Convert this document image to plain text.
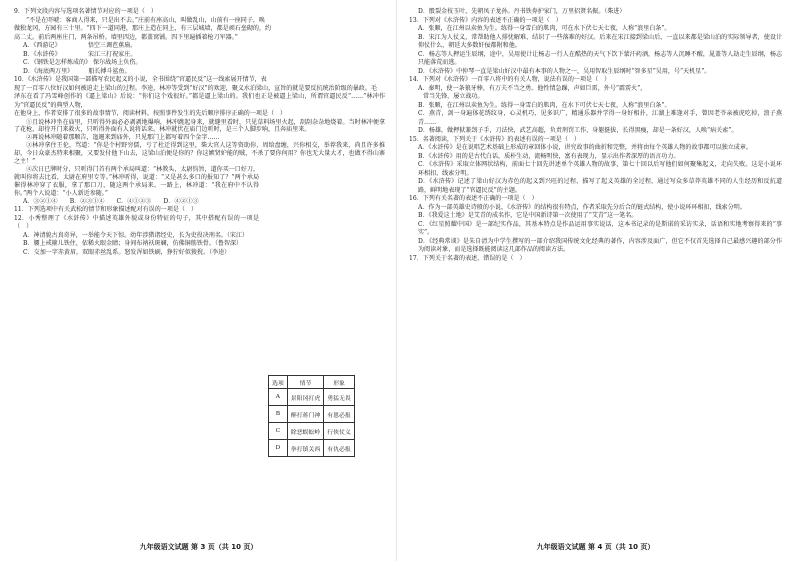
9．下列文段内容与选项名著情节对应的一项是（　）

“不是在吓唬：客商人得来，只是出不去。”庄前有座高山，叫做乱山，山前有一座同子，唤

做独龙冈，方园有三十里。“四下一道同港，那庄上造在同上，有三层城墙，都是顽石垒砌的，约

高二丈。前后两座庄门，两条吊桥。墙里四边，都盖窝铺。四下里遍插着枪刀军器。”

A．《西游记》　　　　　悟空三调芭蕉扇。

B．《水浒传》　　　　　宋江三打祝家庄。

C．《钢铁是怎样炼成的》 保尔战场上负伤。

D．《海底两万里》　　　船长搏斗鲨鱼。

10．《水浒传》是我国第一部描写农民起义的小说，全书围绕“官逼民反”这一线索展开情节，表

现了一百零八位好汉如何被迫走上梁山的过程。李逵，林冲等受到“好汉”的欢迎，聚义水泊梁山，宣旨的就是要反抗统治阶级的暴政。毛

泽东在看了冯雪峰创作的《逼上梁山》后说：“你们这个戏很好。”都是逼上梁山的。我们也正是被逼上梁山，所谓官逼民反”……”林冲作为“官逼民反”的典型人物，

在他身上，作者安排了很多的故事情节，阅读材料，按照事件发生的先后顺序排序正确的一项是（　）

①且说林冲坐在庙里，只听得外面必必剥剥地爆响，林冲跳起身来，就缝里看时，只见草料场里火起，刮刮杂杂地烧着。当时林冲便拿了花枪，却待开门来救火，只听得外面有人说将话来。林冲就伏在庙门边听时，是三个人脚步响，且奔庙里来。

②再说林冲随着那顺告，迤逦来到庙外，只见那门上都写着四个金字……

③林冲拿住王伦，骂道：“你是个村野穷儒，亏了杜迁得到这里，柴大官人这等资助你，周给盘缠，兴你相交，举荐我来，尚且许多推却，今日众豪杰特来相聚，又要发付他下山去，这梁山泊便是你的？你这嫉贤妒能的贼，不杀了要你何用？你也无大量大才，也做不得山寨之主！”

④次日已牌时分，只听得门首有两个承局叫道：“林教头，太尉钧旨，道你买一口好刀，就叫你将去比看，太尉在府里专等。”林冲听得，说道：“又是甚么多口的报知了？”两个承局催得林冲穿了衣服，拿了那口刀，随这两个承局来。一路上，林冲道：“我在府中不认得你。”两个人说道：“小人新近参随。”

A．③②①④　　B．②③①④　　C．④①②③　　D．④②①③

11．下列选项中有关武松的情节和形象描述配对有误的一项是（　）

12．小秀整理了《水浒传》中描述英雄外貌或身份特征的句子，其中搭配有误的一项是（　）

A．神清貌古真奇异，一举能令天下惊。幼年涉猎诸经史，长为吏役决刑名。（宋江）

B．腰上戒箍儿铁住，依稀火眼金睛；身间布衲袄斑斓，仿佛铜筋铁骨。（鲁智深）

C．交加一字赤黄眉，双眼赤丝乱系。怒发浑如铁刷，狰狞好似狻猊。（李逵）

选项	情节	形象
A	景阳冈打虎	勇猛无畏
B	醉打蒋门神	有恩必报
C	除恶蜈蚣岭	行侠仗义
D	拳打镇关西	有仇必报
九年级语文试题 第 3 页（共 10 页）

D．骰裂金枝玉叶，先朝凤子龙孙。丹书铁券护家门，万里招贤名振。（柴进）

13．下列对《水浒传》内容的表述不正确的一项是（　）

A．张顺，在江州以卖鱼为生。练得一身雪白的肌肉，可在水下伏七天七夜，人称“浪里白条”。

B．宋江为人仗义，常帮助他人排忧解难，结识了一些落难的好汉。后来在宋江接到梁山后，一直以来都是梁山泊的实际领导者，使设计仰仗什么，朝廷大多数奸佞都附和他。

C．杨志等人押运生辰纲，途中，吴用使计让杨志一行人在酷热的天气下饮下蒙汗药酒，杨志等人沉睡不醒，晁盖等人劫走生辰纲，杨志只能落荒而逃。

D．《水浒传》中仲琴一直是梁山好汉中最有本事的人物之一，吴用智取生辰纲时“智多星”吴用，号“天机星”。

14．下列对《水浒传》一百零八将中的有关人物，说法有误的一项是（　）

A．秦明，使一条狼牙棒，有万夫不当之勇。他性情急躁，声如巨雷，外号“霹雳火”，

常当先锋，屡立战功。

B．张顺，在江州以卖鱼为生。练得一身雪白的肌肉，在水下可伏七天七夜，人称“浪里白条”。

C．燕青，剑一身遍体花绣纹身，心灵机巧，见多识广，精通乐器并学得一身好相扑，江湖上难逢对手，曾因老爷亲被虎吃掉，浪子燕青……

D．杨雄，做押狱兼刽子手，刀法快，武艺高超，负责刑罚工作，身躯挺拔，长得黑瘦，却是一条好汉，人唤“病关索”。

15．名著阅读，下列关于《水浒传》的表述有误的一项是（　）

A．《水浒传》是在说唱艺术基础上形成的章回体小说，讲究故事的曲折和完整，并将由每个英雄人物的故事都可以独立成章。

B．《水浒传》用的是古代白话，质朴生动，流畅明快，富有表现力，显示出作者深厚的语言功力。

C．《水浒传》采取立体网状结构，前面七十回先讲述单个英雄人物的故事，第七十回以后写他们如何聚集起义，走向失败。这是小说环环相扣、线索分明。

D．《水浒传》记述了梁山好汉为赤色的起义到兴旺的过程，描写了起义英雄的全过程，通过写众多草莽英雄不同的人生经历和反抗道路，鲜明地表现了“官逼民反”的主题。

16．下列有关名著的表述不正确的一项是（　）

A．作为一部英雄史诗般的小说，《水浒传》的结构很有特点，作者采取先分后合的链式结构，使小说环环相扣，线索分明。

B．《我爱这土地》是艾青的成名作，它是中国新诗第一次使用了“艾青”这一笔名。

C．《红星照耀中国》是一部纪实作品，其基本特点是作品运用事实说话，这本书记录的是斯诺的采访实录，话语和实地考察得来的“事实”。

D．《经典常谈》是朱自清为中学生撰写的一部介绍我国传统文化经典的著作，内容涉及面广，但它不仅首先选择自己最感兴趣的部分作为阅读对象，而是选择既能阅读这几部作品的阅读方法。

17．下列关于名著的表述，错误的是（　）

九年级语文试题 第 4 页（共 10 页）
